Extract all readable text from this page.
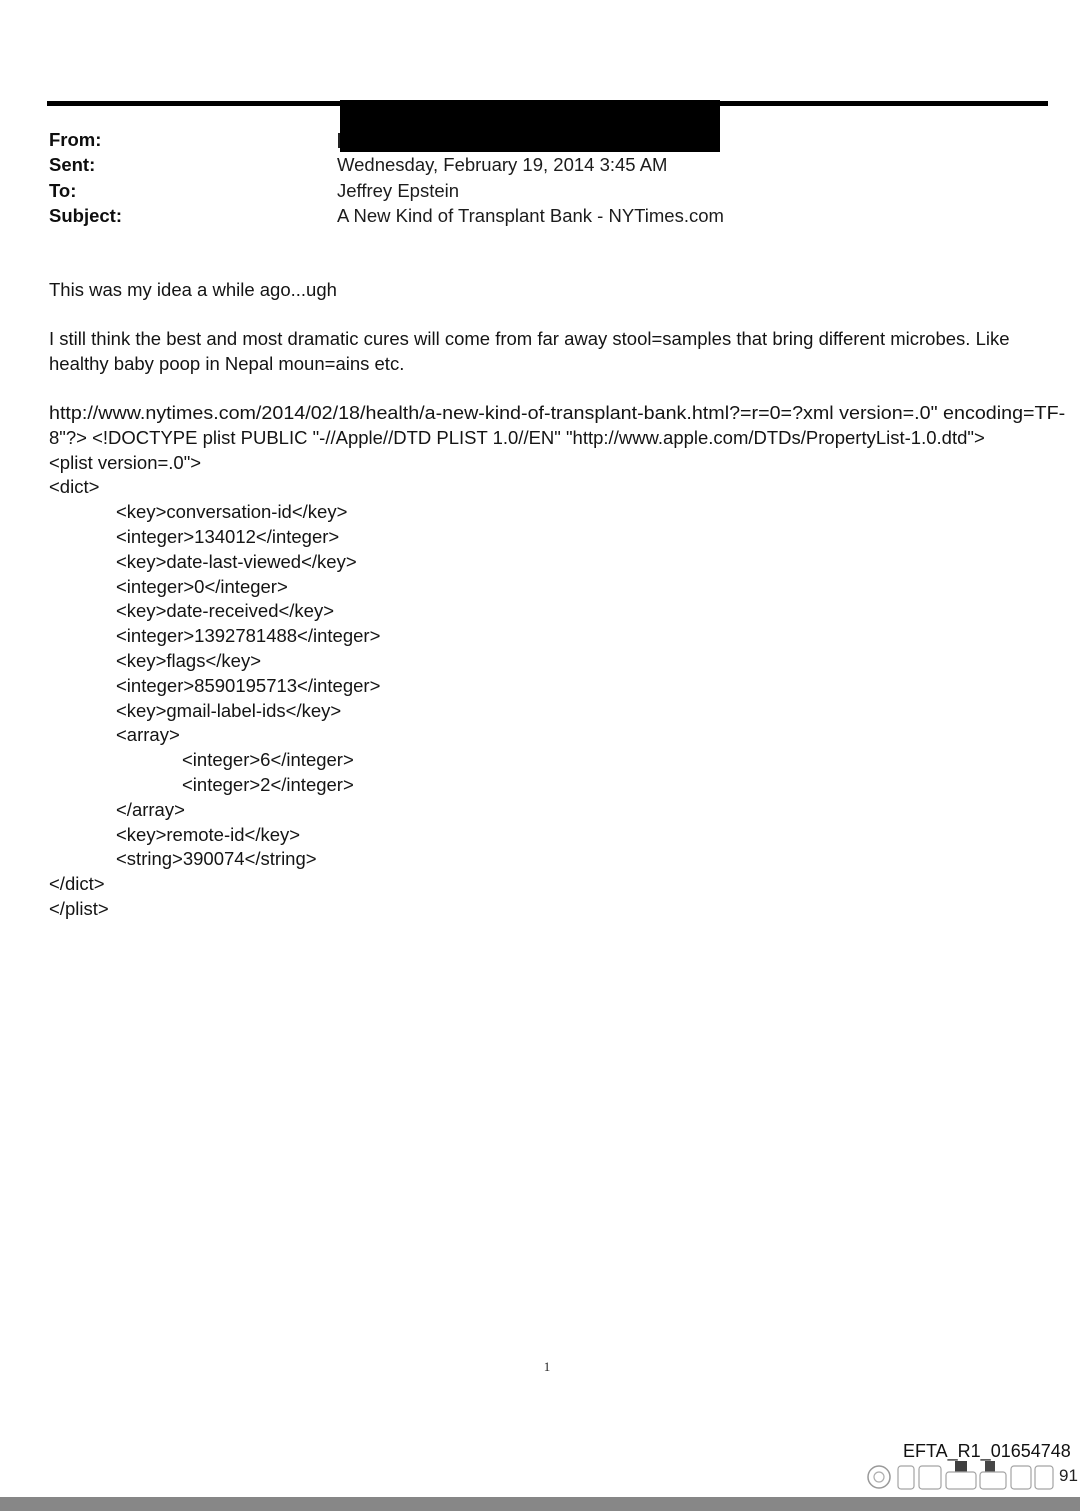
From:
Sent:	Wednesday, February 19, 2014 3:45 AM
To:	Jeffrey Epstein
Subject:	A New Kind of Transplant Bank - NYTimes.com
This was my idea a while ago...ugh
I still think the best and most dramatic cures will come from far away stool=samples that bring different microbes. Like
healthy baby poop in Nepal moun=ains etc.
http://www.nytimes.com/2014/02/18/health/a-new-kind-of-transplant-bank.html?=r=0=?xml version=.0" encoding=TF-
8"?> <!DOCTYPE plist PUBLIC "-//Apple//DTD PLIST 1.0//EN" "http://www.apple.com/DTDs/PropertyList-1.0.dtd">
<plist version=.0">
<dict>
<key>conversation-id</key>
<integer>134012</integer>
<key>date-last-viewed</key>
<integer>0</integer>
<key>date-received</key>
<integer>1392781488</integer>
<key>flags</key>
<integer>8590195713</integer>
<key>gmail-label-ids</key>
<array>
<integer>6</integer>
<integer>2</integer>
</array>
<key>remote-id</key>
<string>390074</string>
</dict>
</plist>
1
EFTA_R1_01654748
91
